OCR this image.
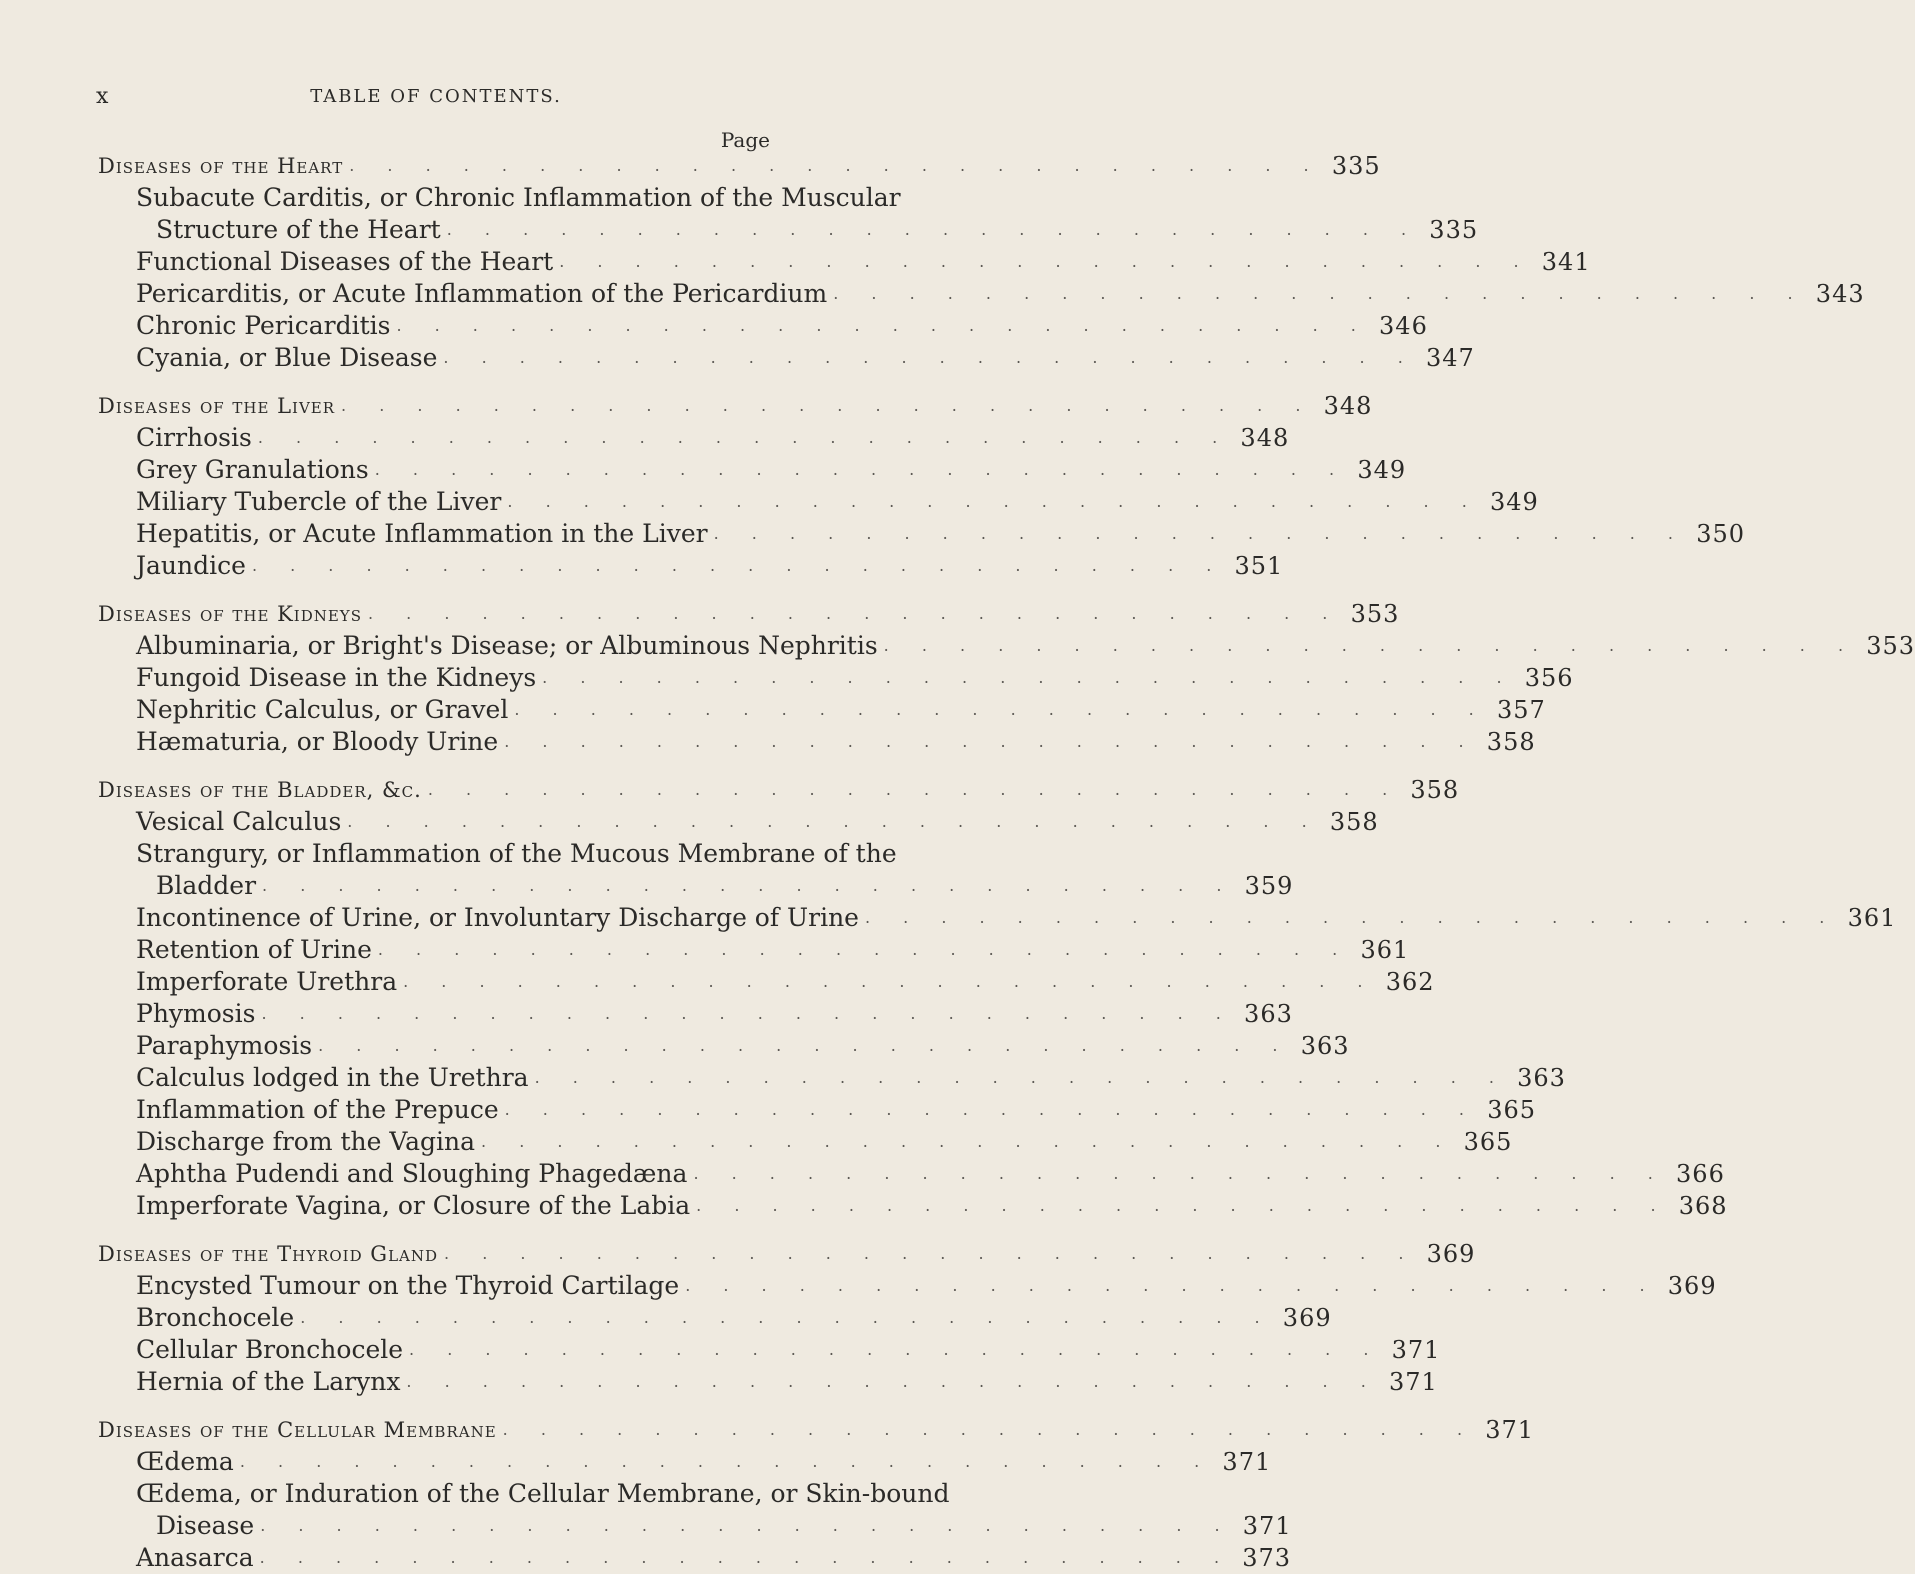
x	TABLE OF CONTENTS.
Page
Diseases of the Heart . . . . . . . . . . . . . . . . . . . . . . . . . . 335
Subacute Carditis, or Chronic Inflammation of the Muscular
Structure of the Heart . . . . . . . . . . . . . . . . . . . . . . . . . . 335
Functional Diseases of the Heart . . . . . . . . . . . . . . . . . . . . . . . . . . 341
Pericarditis, or Acute Inflammation of the Pericardium . . . . . . . . . . . . . . . . . . . . . . . . . . 343
Chronic Pericarditis . . . . . . . . . . . . . . . . . . . . . . . . . . 346
Cyania, or Blue Disease . . . . . . . . . . . . . . . . . . . . . . . . . . 347
Diseases of the Liver . . . . . . . . . . . . . . . . . . . . . . . . . . 348
Cirrhosis . . . . . . . . . . . . . . . . . . . . . . . . . . 348
Grey Granulations . . . . . . . . . . . . . . . . . . . . . . . . . . 349
Miliary Tubercle of the Liver . . . . . . . . . . . . . . . . . . . . . . . . . . 349
Hepatitis, or Acute Inflammation in the Liver . . . . . . . . . . . . . . . . . . . . . . . . . . 350
Jaundice . . . . . . . . . . . . . . . . . . . . . . . . . . 351
Diseases of the Kidneys . . . . . . . . . . . . . . . . . . . . . . . . . . 353
Albuminaria, or Bright's Disease; or Albuminous Nephritis . . . . . . . . . . . . . . . . . . . . . . . . . . 353
Fungoid Disease in the Kidneys . . . . . . . . . . . . . . . . . . . . . . . . . . 356
Nephritic Calculus, or Gravel . . . . . . . . . . . . . . . . . . . . . . . . . . 357
Hæmaturia, or Bloody Urine . . . . . . . . . . . . . . . . . . . . . . . . . . 358
Diseases of the Bladder, &c. . . . . . . . . . . . . . . . . . . . . . . . . . . 358
Vesical Calculus . . . . . . . . . . . . . . . . . . . . . . . . . . 358
Strangury, or Inflammation of the Mucous Membrane of the
Bladder . . . . . . . . . . . . . . . . . . . . . . . . . . 359
Incontinence of Urine, or Involuntary Discharge of Urine . . . . . . . . . . . . . . . . . . . . . . . . . . 361
Retention of Urine . . . . . . . . . . . . . . . . . . . . . . . . . . 361
Imperforate Urethra . . . . . . . . . . . . . . . . . . . . . . . . . . 362
Phymosis . . . . . . . . . . . . . . . . . . . . . . . . . . 363
Paraphymosis . . . . . . . . . . . . . . . . . . . . . . . . . . 363
Calculus lodged in the Urethra . . . . . . . . . . . . . . . . . . . . . . . . . . 363
Inflammation of the Prepuce . . . . . . . . . . . . . . . . . . . . . . . . . . 365
Discharge from the Vagina . . . . . . . . . . . . . . . . . . . . . . . . . . 365
Aphtha Pudendi and Sloughing Phagedæna . . . . . . . . . . . . . . . . . . . . . . . . . . 366
Imperforate Vagina, or Closure of the Labia . . . . . . . . . . . . . . . . . . . . . . . . . . 368
Diseases of the Thyroid Gland . . . . . . . . . . . . . . . . . . . . . . . . . . 369
Encysted Tumour on the Thyroid Cartilage . . . . . . . . . . . . . . . . . . . . . . . . . . 369
Bronchocele . . . . . . . . . . . . . . . . . . . . . . . . . . 369
Cellular Bronchocele . . . . . . . . . . . . . . . . . . . . . . . . . . 371
Hernia of the Larynx . . . . . . . . . . . . . . . . . . . . . . . . . . 371
Diseases of the Cellular Membrane . . . . . . . . . . . . . . . . . . . . . . . . . . 371
Œdema . . . . . . . . . . . . . . . . . . . . . . . . . . 371
Œdema, or Induration of the Cellular Membrane, or Skin-bound
Disease . . . . . . . . . . . . . . . . . . . . . . . . . . 371
Anasarca . . . . . . . . . . . . . . . . . . . . . . . . . . 373
